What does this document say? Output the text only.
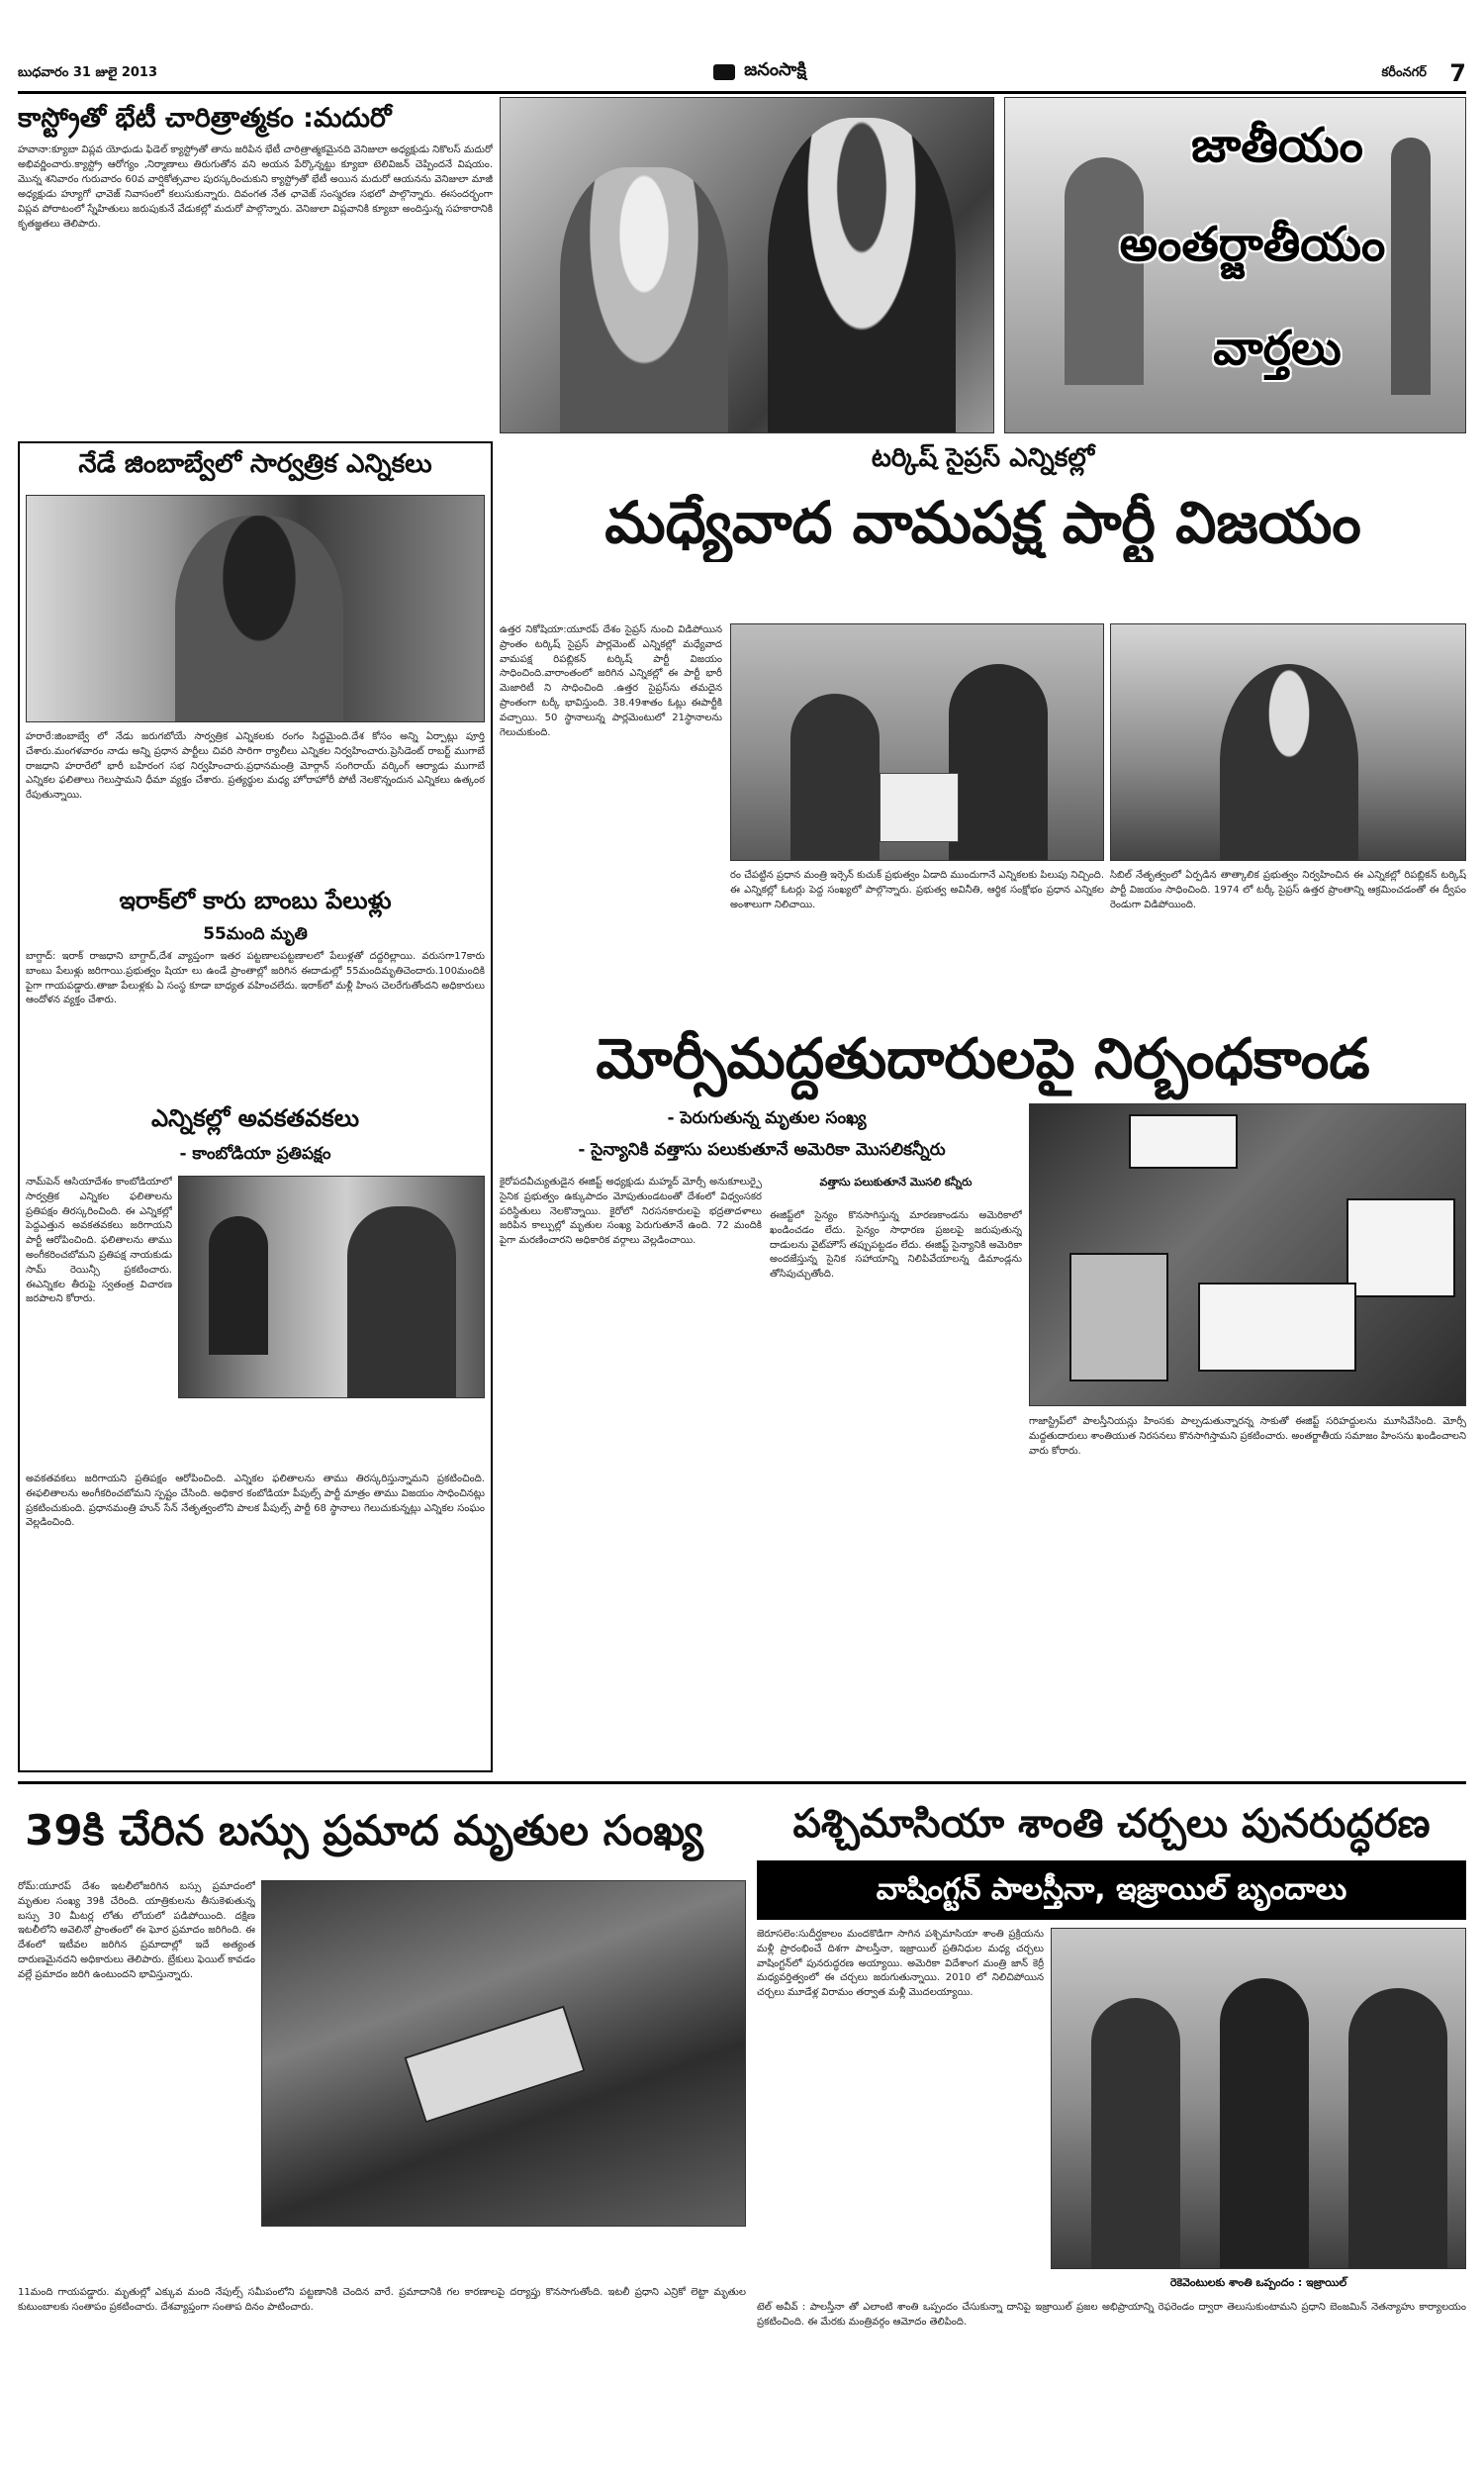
బుధవారం 31 జులై 2013	జనంసాక్షి	కరీంనగర్ 7
కాస్ట్రోతో భేటీ చారిత్రాత్మకం :మదురో
హవానా:క్యూబా విప్లవ యోధుడు ఫిడెల్ క్యాస్ట్రోతో తాను జరిపిన భేటీ చారిత్రాత్మకమైనది వెనిజులా అధ్యక్షుడు నికొలస్ మదురో అభివర్ణించారు.క్యాస్ట్రో ఆరోగ్యం ,నిర్మాణాలు తిరుగుతోన వని అయన పేర్కొన్నట్టు క్యూబా టెలివిజన్ చెప్పిందనే విషయం. మొన్న శనివారం గురువారం 60వ వార్షికోత్సవాల పురస్కరించుకుని క్యాస్ట్రోతో భేటీ అయిన మదురో ఆయనను వెనిజులా మాజీ అధ్యక్షుడు హ్యూగో ఛావెజ్ నివాసంలో కలుసుకున్నారు. దివంగత నేత ఛావెజ్ సంస్మరణ సభలో పాల్గొన్నారు. ఈసందర్భంగా విప్లవ పోరాటంలో స్నేహితులు జరుపుకునే వేడుకల్లో మదురో పాల్గొన్నారు. వెనిజులా విప్లవానికి క్యూబా అందిస్తున్న సహకారానికి కృతజ్ఞతలు తెలిపారు.
జాతీయం
అంతర్జాతీయం
వార్తలు
నేడే జింబాబ్వేలో సార్వత్రిక ఎన్నికలు
హరారే:జింబాబ్వే లో నేడు జరుగబోయే సార్వత్రిక ఎన్నికలకు రంగం సిద్ధమైంది.దేశ కోసం అన్ని ఏర్పాట్లు పూర్తి చేశారు.మంగళవారం నాడు అన్ని ప్రధాన పార్టీలు చివరి సారిగా ర్యాలీలు ఎన్నికల నిర్వహించారు.ప్రెసిడెంట్ రాబర్ట్ ముగాబే రాజధాని హరారేలో భారీ బహిరంగ సభ నిర్వహించారు.ప్రధానమంత్రి మోర్గాన్ సంగిరాయ్ వర్కింగ్ ఆర్యాడు ముగాబే ఎన్నికల ఫలితాలు గెలుస్తామని ధీమా వ్యక్తం చేశారు. ప్రత్యర్థుల మధ్య హోరాహోరీ పోటీ నెలకొన్నందున ఎన్నికలు ఉత్కంఠ రేపుతున్నాయి.
ఇరాక్‌లో కారు బాంబు పేలుళ్లు
55మంది మృతి
బాగ్దాద్: ఇరాక్ రాజధాని బాగ్దాద్,దేశ వ్యాప్తంగా ఇతర పట్టణాలపట్టణాలలో పేలుళ్లతో దద్దరిల్లాయి. వరుసగా17కారు బాంబు పేలుళ్లు జరిగాయి.ప్రభుత్వం షియా లు ఉండే ప్రాంతాల్లో జరిగిన ఈదాడుల్లో 55మందిమృతిచెందారు.100మందికి పైగా గాయపడ్డారు.తాజా పేలుళ్లకు ఏ సంస్థ కూడా బాధ్యత వహించలేదు. ఇరాక్‌లో మళ్లీ హింస చెలరేగుతోందని అధికారులు ఆందోళన వ్యక్తం చేశారు.
ఎన్నికల్లో అవకతవకలు
- కాంబోడియా ప్రతిపక్షం
నామ్‌పెన్ ఆసియాదేశం కాంబోడియాలో సార్వత్రిక ఎన్నికల ఫలితాలను ప్రతిపక్షం తిరస్కరించింది. ఈ ఎన్నికల్లో పెద్దఎత్తున అవకతవకలు జరిగాయని పార్టీ ఆరోపించింది. ఫలితాలను తాము అంగీకరించబోమని ప్రతిపక్ష నాయకుడు సామ్ రెయిన్సీ ప్రకటించారు. ఈఎన్నికల తీరుపై స్వతంత్ర విచారణ జరపాలని కోరారు.
అవకతవకలు జరిగాయని ప్రతిపక్షం ఆరోపించింది. ఎన్నికల ఫలితాలను తాము తిరస్కరిస్తున్నామని ప్రకటించింది. ఈఫలితాలను అంగీకరించబోమని స్పష్టం చేసింది. అధికార కంబోడియా పీపుల్స్ పార్టీ మాత్రం తాము విజయం సాధించినట్లు ప్రకటించుకుంది. ప్రధానమంత్రి హున్ సేన్ నేతృత్వంలోని పాలక పీపుల్స్ పార్టీ 68 స్థానాలు గెలుచుకున్నట్లు ఎన్నికల సంఘం వెల్లడించింది.
టర్కిష్ సైప్రస్ ఎన్నికల్లో
మధ్యేవాద వామపక్ష పార్టీ విజయం
ఉత్తర నికోషియా:యూరప్ దేశం సైప్రస్ నుంచి విడిపోయిన ప్రాంతం టర్కిష్ సైప్రస్ పార్లమెంట్ ఎన్నికల్లో మధ్యేవాద వామపక్ష రిపబ్లికన్ టర్కిష్ పార్టీ విజయం సాధించింది.వారాంతంలో జరిగిన ఎన్నికల్లో ఈ పార్టీ భారీ మెజారిటీ ని సాధించింది .ఉత్తర సైప్రస్‌ను తమదైన ప్రాంతంగా టర్కీ భావిస్తుంది. 38.49శాతం ఓట్లు ఈపార్టీకి వచ్చాయి. 50 స్థానాలున్న పార్లమెంటులో 21స్థానాలను గెలుచుకుంది.
రం చేపట్టిన ప్రధాన మంత్రి ఇర్సెన్ కుచుక్ ప్రభుత్వం ఏడాది ముందుగానే ఎన్నికలకు పిలుపు నిచ్చింది. ఈ ఎన్నికల్లో ఓటర్లు పెద్ద సంఖ్యలో పాల్గొన్నారు. ప్రభుత్వ అవినీతి, ఆర్థిక సంక్షోభం ప్రధాన ఎన్నికల అంశాలుగా నిలిచాయి.
సిబిల్ నేతృత్వంలో ఏర్పడిన తాత్కాలిక ప్రభుత్వం నిర్వహించిన ఈ ఎన్నికల్లో రిపబ్లికన్ టర్కిష్ పార్టీ విజయం సాధించింది. 1974 లో టర్కీ సైప్రస్ ఉత్తర ప్రాంతాన్ని ఆక్రమించడంతో ఈ ద్వీపం రెండుగా విడిపోయింది.
మోర్సీమద్దతుదారులపై నిర్బంధకాండ
- పెరుగుతున్న మృతుల సంఖ్య
- సైన్యానికి వత్తాసు పలుకుతూనే అమెరికా మొసలికన్నీరు
కైరోపదవీచ్యుతుడైన ఈజిప్ట్ అధ్యక్షుడు మహ్మద్ మోర్సీ అనుకూలుర్పై సైనిక ప్రభుత్వం ఉక్కుపాదం మోపుతుండటంతో దేశంలో విధ్వంసకర పరిస్థితులు నెలకొన్నాయి. కైరోలో నిరసనకారులపై భద్రతాదళాలు జరిపిన కాల్పుల్లో మృతుల సంఖ్య పెరుగుతూనే ఉంది. 72 మందికి పైగా మరణించారని అధికారిక వర్గాలు వెల్లడించాయి.
వత్తాసు పలుకుతూనే మొసలి కన్నీరు
ఈజిప్ట్‌లో సైన్యం కొనసాగిస్తున్న మారణకాండను అమెరికాలో ఖండించడం లేదు. సైన్యం సాధారణ ప్రజలపై జరుపుతున్న దాడులను వైట్‌హౌస్ తప్పుపట్టడం లేదు. ఈజిప్ట్ సైన్యానికి అమెరికా అందజేస్తున్న సైనిక సహాయాన్ని నిలిపివేయాలన్న డిమాండ్లను తోసిపుచ్చుతోంది.
గాజాస్ట్రిప్‌లో పాలస్తీనియన్లు హింసకు పాల్పడుతున్నారన్న సాకుతో ఈజిప్ట్ సరిహద్దులను మూసివేసింది. మోర్సీ మద్దతుదారులు శాంతియుత నిరసనలు కొనసాగిస్తామని ప్రకటించారు. అంతర్జాతీయ సమాజం హింసను ఖండించాలని వారు కోరారు.
39కి చేరిన బస్సు ప్రమాద మృతుల సంఖ్య
రోమ్:యూరప్ దేశం ఇటలీలోజరిగిన బస్సు ప్రమాదంలో మృతుల సంఖ్య 39కి చేరింది. యాత్రికులను తీసుకెళుతున్న బస్సు 30 మీటర్ల లోతు లోయలో పడిపోయింది. దక్షిణ ఇటలీలోని అవెలినో ప్రాంతంలో ఈ ఘోర ప్రమాదం జరిగింది. ఈ దేశంలో ఇటీవల జరిగిన ప్రమాదాల్లో ఇదే అత్యంత దారుణమైనదని అధికారులు తెలిపారు. బ్రేకులు ఫెయిల్ కావడం వల్లే ప్రమాదం జరిగి ఉంటుందని భావిస్తున్నారు.
11మంది గాయపడ్డారు. మృతుల్లో ఎక్కువ మంది నేపుల్స్ సమీపంలోని పట్టణానికి చెందిన వారే. ప్రమాదానికి గల కారణాలపై దర్యాప్తు కొనసాగుతోంది. ఇటలీ ప్రధాని ఎన్రికో లెట్టా మృతుల కుటుంబాలకు సంతాపం ప్రకటించారు. దేశవ్యాప్తంగా సంతాప దినం పాటించారు.
పశ్చిమాసియా శాంతి చర్చలు పునరుద్ధరణ
వాషింగ్టన్ పాలస్తీనా, ఇజ్రాయిల్ బృందాలు
జెరూసలెం:సుదీర్ఘకాలం మందకొడిగా సాగిన పశ్చిమాసియా శాంతి ప్రక్రియను మళ్లీ ప్రారంభించే దిశగా పాలస్తీనా, ఇజ్రాయిల్ ప్రతినిధుల మధ్య చర్చలు వాషింగ్టన్‌లో పునరుద్ధరణ అయ్యాయి. అమెరికా విదేశాంగ మంత్రి జాన్ కెర్రీ మధ్యవర్తిత్వంలో ఈ చర్చలు జరుగుతున్నాయి. 2010 లో నిలిచిపోయిన చర్చలు మూడేళ్ల విరామం తర్వాత మళ్లీ మొదలయ్యాయి.
రెకెవెంటులకు శాంతి ఒప్పందం : ఇజ్రాయిల్
టెల్ అవీవ్ : పాలస్తీనా తో ఎలాంటి శాంతి ఒప్పందం చేసుకున్నా దానిపై ఇజ్రాయిల్ ప్రజల అభిప్రాయాన్ని రెఫరెండం ద్వారా తెలుసుకుంటామని ప్రధాని బెంజమిన్ నెతన్యాహు కార్యాలయం ప్రకటించింది. ఈ మేరకు మంత్రివర్గం ఆమోదం తెలిపింది.
